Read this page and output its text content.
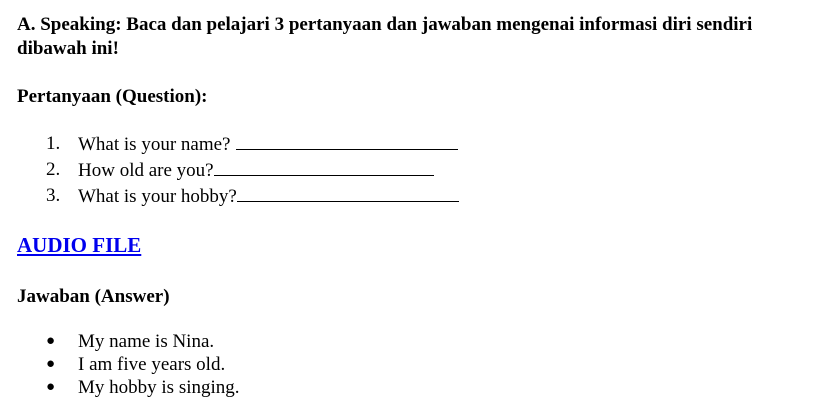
A. Speaking: Baca dan pelajari 3 pertanyaan dan jawaban mengenai informasi diri sendiri dibawah ini!

Pertanyaan (Question):

1. What is your name?
2. How old are you?
3. What is your hobby?
AUDIO FILE

Jawaban (Answer)

● My name is Nina.
● I am five years old.
● My hobby is singing.
